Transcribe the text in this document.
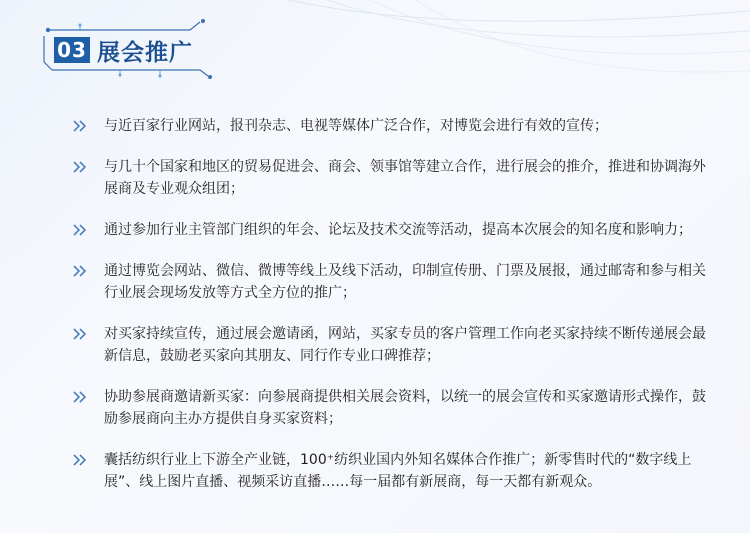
03 展会推广
与近百家行业网站，报刊杂志、电视等媒体广泛合作，对博览会进行有效的宣传；
与几十个国家和地区的贸易促进会、商会、领事馆等建立合作，进行展会的推介，推进和协调海外展商及专业观众组团；
通过参加行业主管部门组织的年会、论坛及技术交流等活动，提高本次展会的知名度和影响力；
通过博览会网站、微信、微博等线上及线下活动，印制宣传册、门票及展报，通过邮寄和参与相关行业展会现场发放等方式全方位的推广；
对买家持续宣传，通过展会邀请函，网站，买家专员的客户管理工作向老买家持续不断传递展会最新信息，鼓励老买家向其朋友、同行作专业口碑推荐；
协助参展商邀请新买家：向参展商提供相关展会资料，以统一的展会宣传和买家邀请形式操作，鼓励参展商向主办方提供自身买家资料；
囊括纺织行业上下游全产业链，100⁺纺织业国内外知名媒体合作推广；新零售时代的“数字线上展”、线上图片直播、视频采访直播……每一届都有新展商，每一天都有新观众。
